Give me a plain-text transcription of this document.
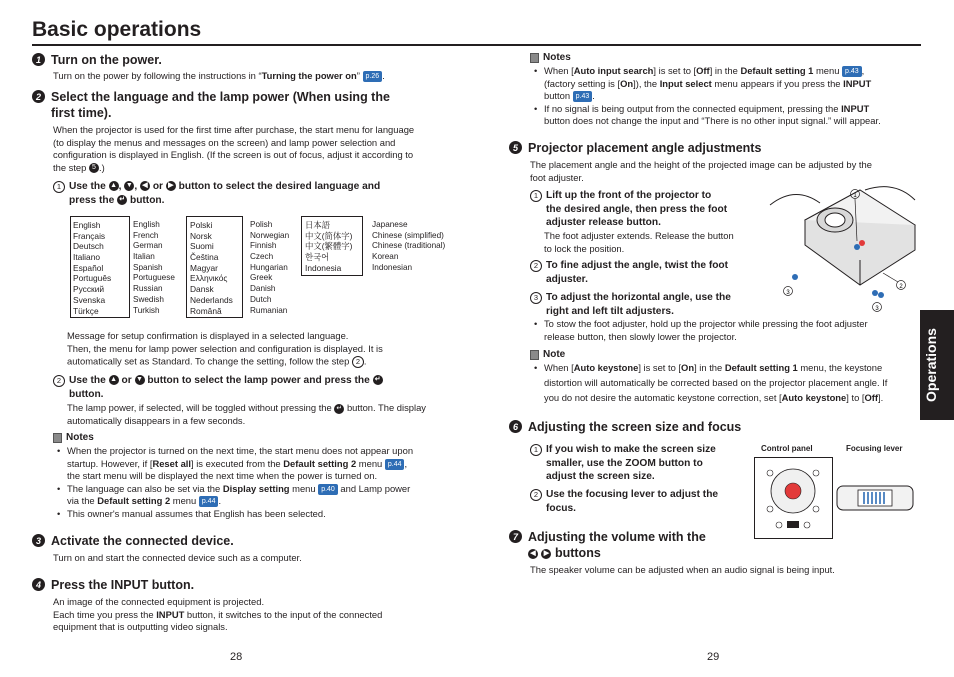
Basic operations
1 Turn on the power.
Turn on the power by following the instructions in “Turning the power on” p.26 .
2 Select the language and the lamp power (When using the
first time).
When the projector is used for the first time after purchase, the start menu for language
(to display the menus and messages on the screen) and lamp power selection and
configuration is displayed in English. (If the screen is out of focus, adjust it according to
the step 5 .)
1 Use the ▲ , ▼ , ◀ or ▶ button to select the desired language and
press the ↵ button.
English
Français
Deutsch
Italiano
Español
Português
Русский
Svenska
Türkçe
English
French
German
Italian
Spanish
Portuguese
Russian
Swedish
Turkish
Polski
Norsk
Suomi
Čeština
Magyar
Ελληνικός
Dansk
Nederlands
Română
Polish
Norwegian
Finnish
Czech
Hungarian
Greek
Danish
Dutch
Rumanian
日本語
中文(简体字)
中文(繁體字)
한국어
Indonesia
Japanese
Chinese (simplified)
Chinese (traditional)
Korean
Indonesian
Message for setup confirmation is displayed in a selected language.
Then, the menu for lamp power selection and configuration is displayed. It is
automatically set as Standard. To change the setting, follow the step 2 .
2 Use the ▲ or ▼ button to select the lamp power and press the ↵
button.
The lamp power, if selected, will be toggled without pressing the ↵ button. The display
automatically disappears in a few seconds.
Notes
• When the projector is turned on the next time, the start menu does not appear upon
startup. However, if [Reset all] is executed from the Default setting 2 menu p.44 ,
the start menu will be displayed the next time when the power is turned on.
• The language can also be set via the Display setting menu p.40 and Lamp power
via the Default setting 2 menu p.44 .
• This owner's manual assumes that English has been selected.
3 Activate the connected device.
Turn on and start the connected device such as a computer.
4 Press the INPUT button.
An image of the connected equipment is projected.
Each time you press the INPUT button, it switches to the input of the connected
equipment that is outputting video signals.
28
Notes
• When [Auto input search] is set to [Off] in the Default setting 1 menu p.43 ,
(factory setting is [On]), the Input select menu appears if you press the INPUT
button p.43 .
• If no signal is being output from the connected equipment, pressing the INPUT
button does not change the input and “There is no other input signal.” will appear.
5 Projector placement angle adjustments
The placement angle and the height of the projected image can be adjusted by the
foot adjuster.
1 Lift up the front of the projector to
the desired angle, then press the foot
adjuster release button.
The foot adjuster extends. Release the button
to lock the position.
2 To fine adjust the angle, twist the foot
adjuster.
3 To adjust the horizontal angle, use the
right and left tilt adjusters.
1
2
3
3
• To stow the foot adjuster, hold up the projector while pressing the foot adjuster
release button, then slowly lower the projector.
Note
• When [Auto keystone] is set to [On] in the Default setting 1 menu, the keystone
distortion will automatically be corrected based on the projector placement angle. If
you do not desire the automatic keystone correction, set [Auto keystone] to [Off].
6 Adjusting the screen size and focus
1 If you wish to make the screen size
smaller, use the ZOOM button to
adjust the screen size.
2 Use the focusing lever to adjust the
focus.
Control panel	Focusing lever
7 Adjusting the volume with the
◀ ▶ buttons
The speaker volume can be adjusted when an audio signal is being input.
29
Operations
